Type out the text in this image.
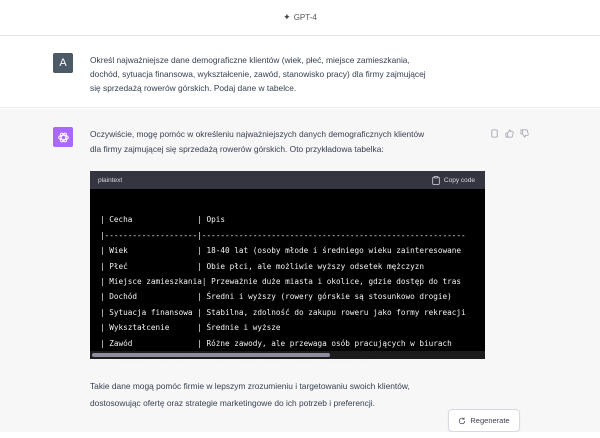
✦ GPT-4
A	Określ najważniejsze dane demograficzne klientów (wiek, płeć, miejsce zamieszkania,
dochód, sytuacja finansowa, wykształcenie, zawód, stanowisko pracy) dla firmy zajmującej
się sprzedażą rowerów górskich. Podaj dane w tabelce.
Oczywiście, mogę pomóc w określeniu najważniejszych danych demograficznych klientów
dla firmy zajmującej się sprzedażą rowerów górskich. Oto przykładowa tabelka:
plaintext	Copy code

| Cecha              | Opis
|--------------------|---------------------------------------------------------
| Wiek               | 18-40 lat (osoby młode i średniego wieku zainteresowane
| Płeć               | Obie płci, ale możliwie wyższy odsetek mężczyzn
| Miejsce zamieszkania| Przeważnie duże miasta i okolice, gdzie dostęp do tras
| Dochód             | Średni i wyższy (rowery górskie są stosunkowo drogie)
| Sytuacja finansowa | Stabilna, zdolność do zakupu roweru jako formy rekreacji
| Wykształcenie      | Średnie i wyższe
| Zawód              | Różne zawody, ale przewaga osób pracujących w biurach

Takie dane mogą pomóc firmie w lepszym zrozumieniu i targetowaniu swoich klientów,
dostosowując ofertę oraz strategie marketingowe do ich potrzeb i preferencji.
Regenerate
